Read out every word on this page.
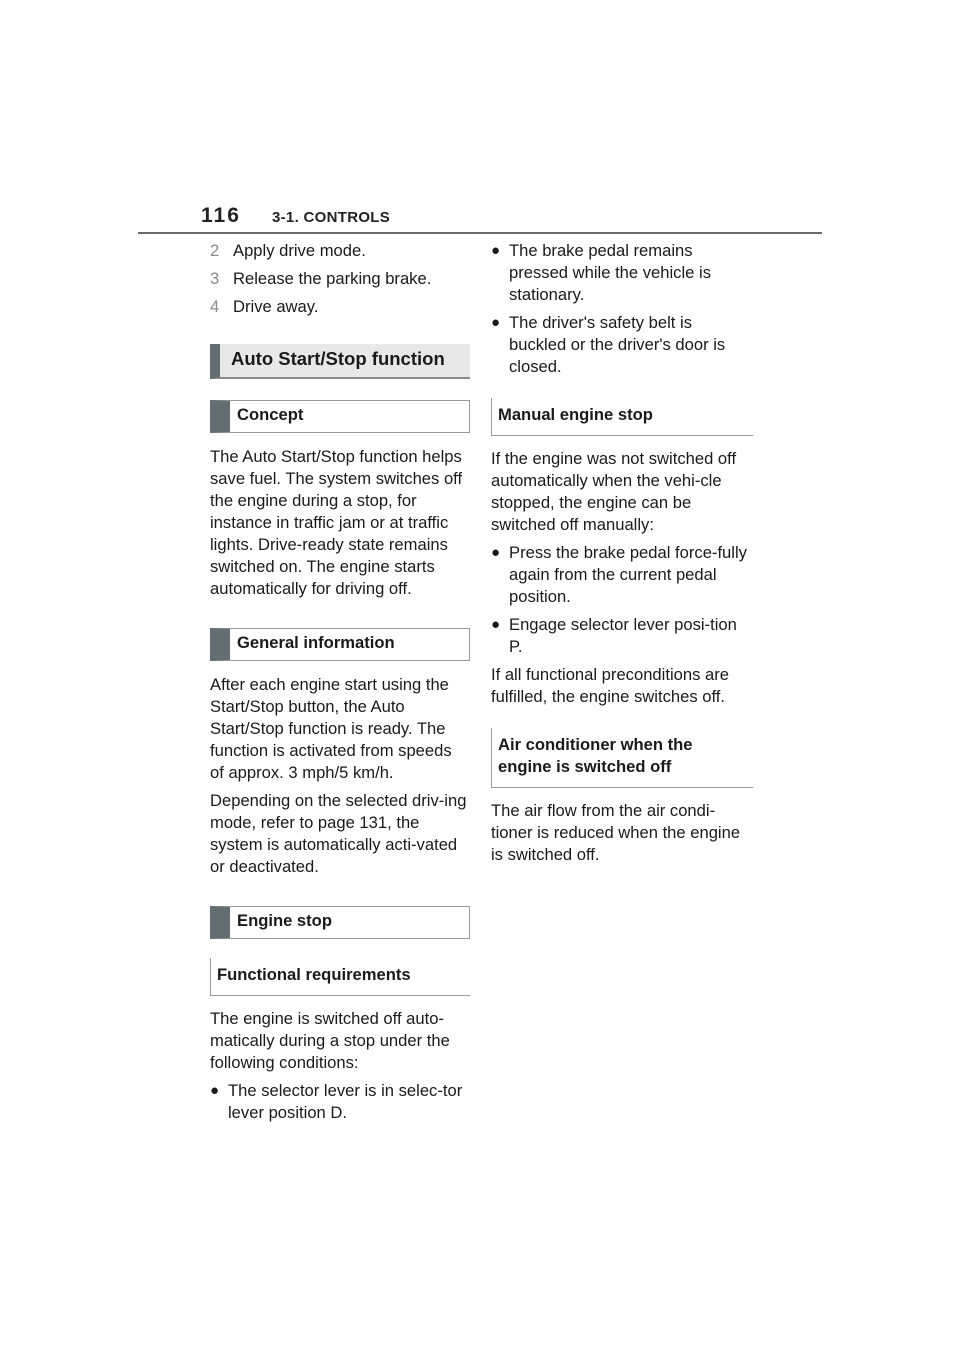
116 3-1. CONTROLS
2 Apply drive mode.
3 Release the parking brake.
4 Drive away.
Auto Start/Stop function
Concept

The Auto Start/Stop function helps save fuel. The system switches off the engine during a stop, for instance in traffic jam or at traffic lights. Drive-ready state remains switched on. The engine starts automatically for driving off.

General information

After each engine start using the Start/Stop button, the Auto Start/Stop function is ready. The function is activated from speeds of approx. 3 mph/5 km/h.

Depending on the selected driv-ing mode, refer to page 131, the system is automatically acti-vated or deactivated.

Engine stop
Functional requirements

The engine is switched off auto-matically during a stop under the following conditions:

● The selector lever is in selec-tor lever position D.
● The brake pedal remains pressed while the vehicle is stationary.
● The driver's safety belt is buckled or the driver's door is closed.
Manual engine stop

If the engine was not switched off automatically when the vehi-cle stopped, the engine can be switched off manually:

● Press the brake pedal force-fully again from the current pedal position.
● Engage selector lever posi-tion P.

If all functional preconditions are fulfilled, the engine switches off.

Air conditioner when the engine is switched off

The air flow from the air condi-tioner is reduced when the engine is switched off.
